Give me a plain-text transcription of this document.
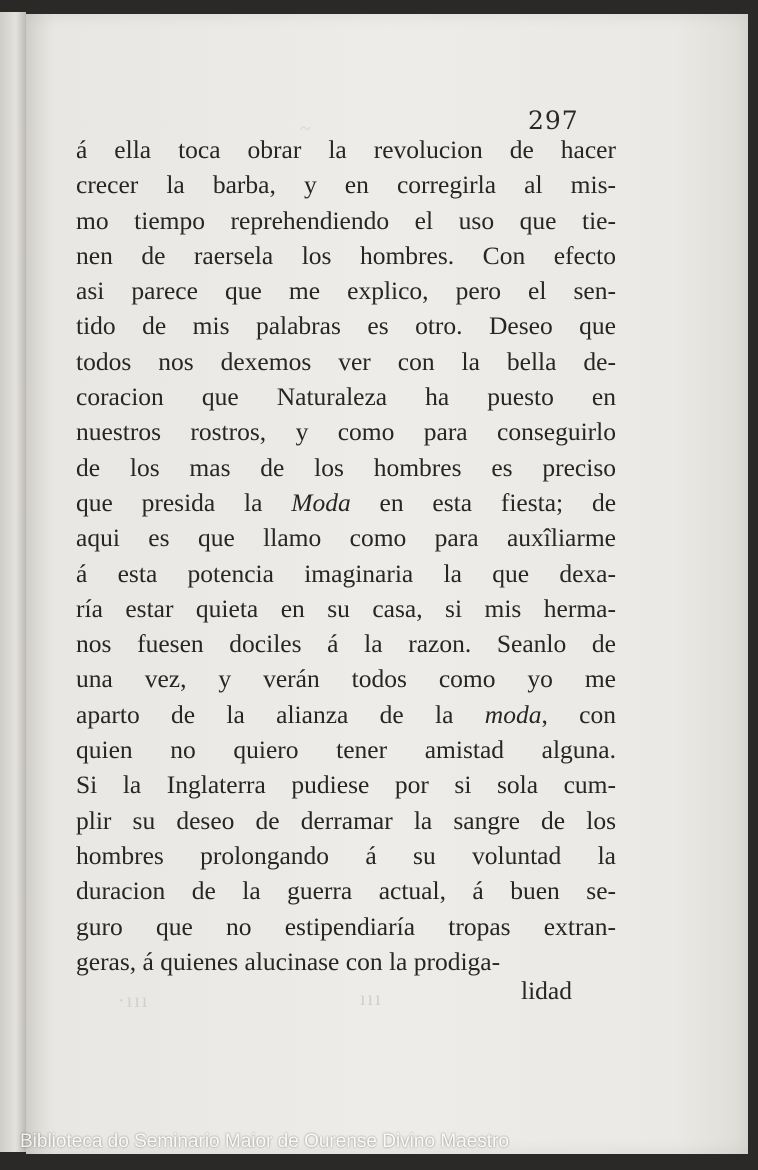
~
·ııı	ııı
297
á ella toca obrar la revolucion de hacer
crecer la barba, y en corregirla al mis-
mo tiempo reprehendiendo el uso que tie-
nen de raersela los hombres. Con efecto
asi parece que me explico, pero el sen-
tido de mis palabras es otro. Deseo que
todos nos dexemos ver con la bella de-
coracion que Naturaleza ha puesto en
nuestros rostros, y como para conseguirlo
de los mas de los hombres es preciso
que presida la Moda en esta fiesta; de
aqui es que llamo como para auxîliarme
á esta potencia imaginaria la que dexa-
ría estar quieta en su casa, si mis herma-
nos fuesen dociles á la razon. Seanlo de
una vez, y verán todos como yo me
aparto de la alianza de la moda, con
quien no quiero tener amistad alguna.
Si la Inglaterra pudiese por si sola cum-
plir su deseo de derramar la sangre de los
hombres prolongando á su voluntad la
duracion de la guerra actual, á buen se-
guro que no estipendiaría tropas extran-
geras, á quienes alucinase con la prodiga-
lidad
Biblioteca do Seminario Maior de Ourense Divino Maestro
